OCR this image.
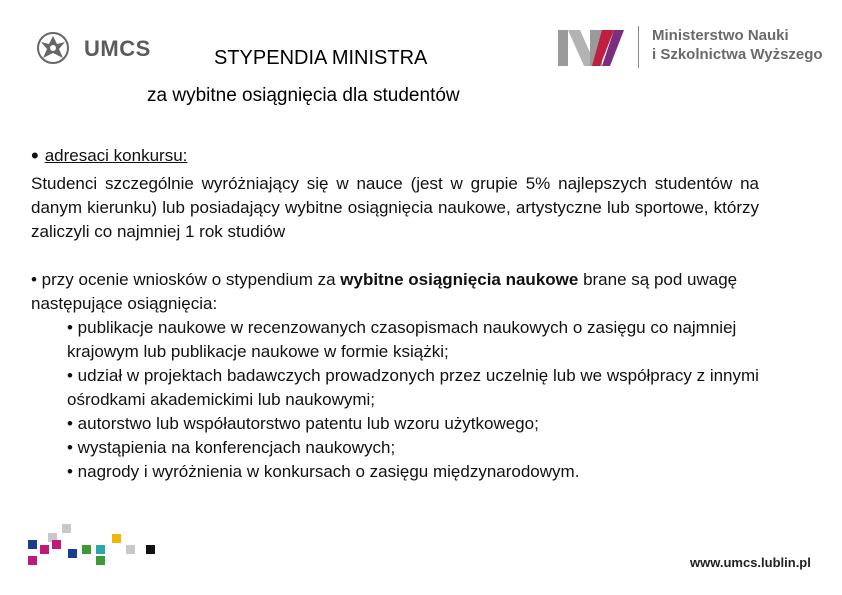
UMCS
Ministerstwo Nauki
i Szkolnictwa Wyższego
STYPENDIA MINISTRA
za wybitne osiągnięcia dla studentów
• adresaci konkursu:
Studenci szczególnie wyróżniający się w nauce (jest w grupie 5% najlepszych studentów na danym kierunku) lub posiadający wybitne osiągnięcia naukowe, artystyczne lub sportowe, którzy zaliczyli co najmniej 1 rok studiów
• przy ocenie wniosków o stypendium za wybitne osiągnięcia naukowe brane są pod uwagę następujące osiągnięcia:
• publikacje naukowe w recenzowanych czasopismach naukowych o zasięgu co najmniej krajowym lub publikacje naukowe w formie książki;
• udział w projektach badawczych prowadzonych przez uczelnię lub we współpracy z innymi ośrodkami akademickimi lub naukowymi;
• autorstwo lub współautorstwo patentu lub wzoru użytkowego;
• wystąpienia na konferencjach naukowych;
• nagrody i wyróżnienia w konkursach o zasięgu międzynarodowym.
www.umcs.lublin.pl
